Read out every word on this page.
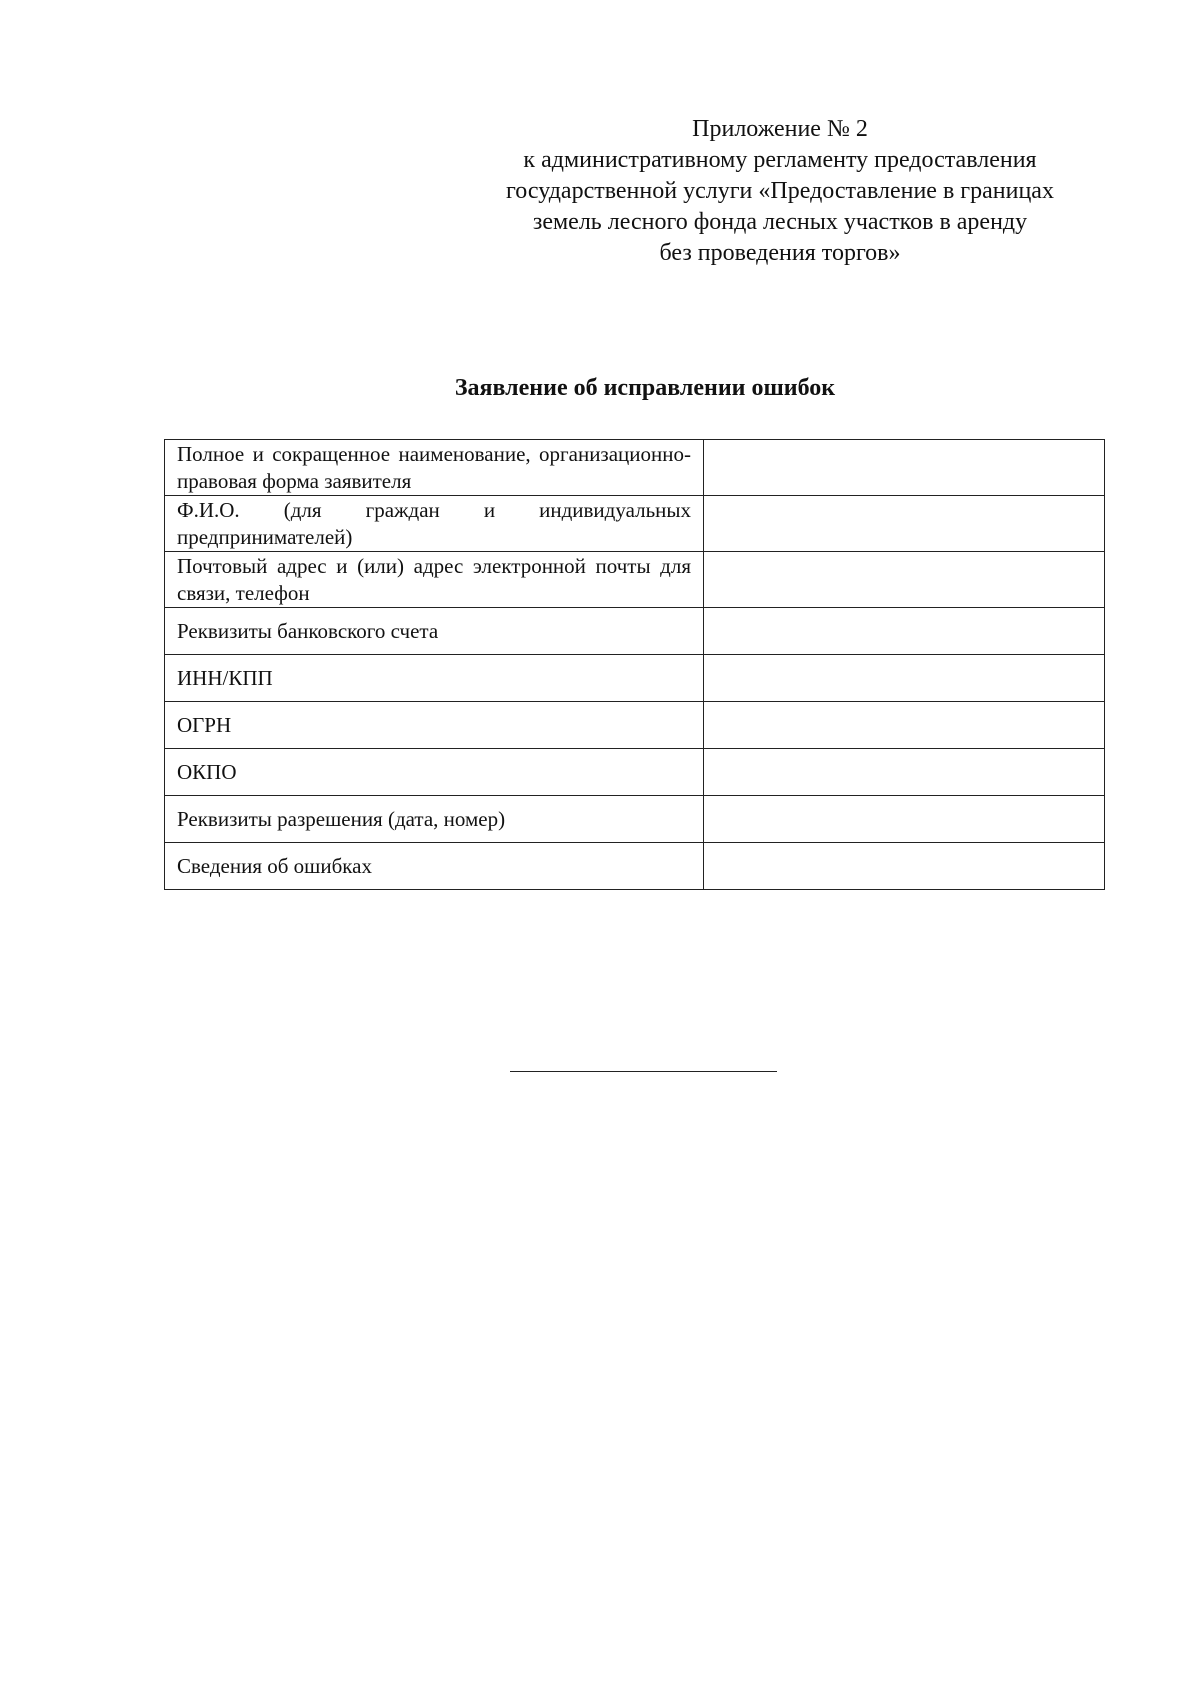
Приложение № 2
к административному регламенту предоставления
государственной услуги «Предоставление в границах
земель лесного фонда лесных участков в аренду
без проведения торгов»
Заявление об исправлении ошибок
Полное и сокращенное наименование, организационно-правовая форма заявителя	
Ф.И.О. (для граждан и индивидуальных предпринимателей)	
Почтовый адрес и (или) адрес электронной почты для связи, телефон	
Реквизиты банковского счета	
ИНН/КПП	
ОГРН	
ОКПО	
Реквизиты разрешения (дата, номер)	
Сведения об ошибках	
